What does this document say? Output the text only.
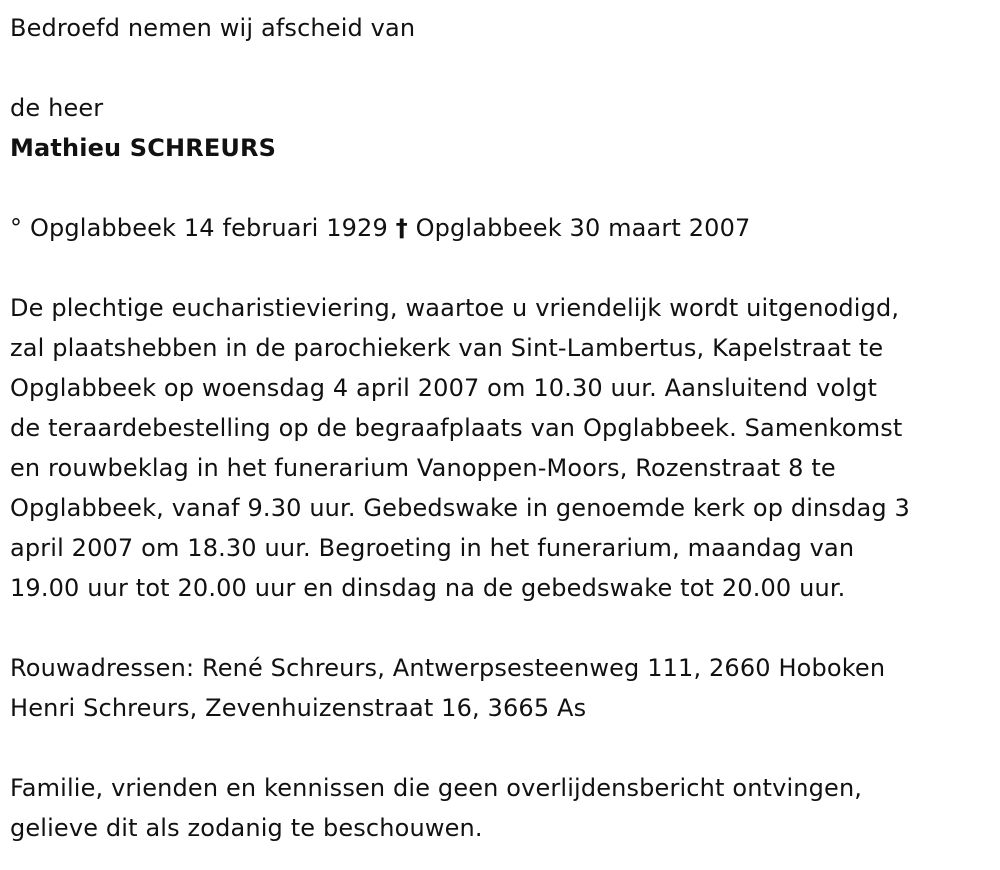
Bedroefd nemen wij afscheid van
de heer
Mathieu SCHREURS
° Opglabbeek 14 februari 1929 † Opglabbeek 30 maart 2007
De plechtige eucharistieviering, waartoe u vriendelijk wordt uitgenodigd,
zal plaatshebben in de parochiekerk van Sint-Lambertus, Kapelstraat te
Opglabbeek op woensdag 4 april 2007 om 10.30 uur. Aansluitend volgt
de teraardebestelling op de begraafplaats van Opglabbeek. Samenkomst
en rouwbeklag in het funerarium Vanoppen-Moors, Rozenstraat 8 te
Opglabbeek, vanaf 9.30 uur. Gebedswake in genoemde kerk op dinsdag 3
april 2007 om 18.30 uur. Begroeting in het funerarium, maandag van
19.00 uur tot 20.00 uur en dinsdag na de gebedswake tot 20.00 uur.
Rouwadressen: René Schreurs, Antwerpsesteenweg 111, 2660 Hoboken
Henri Schreurs, Zevenhuizenstraat 16, 3665 As
Familie, vrienden en kennissen die geen overlijdensbericht ontvingen,
gelieve dit als zodanig te beschouwen.
